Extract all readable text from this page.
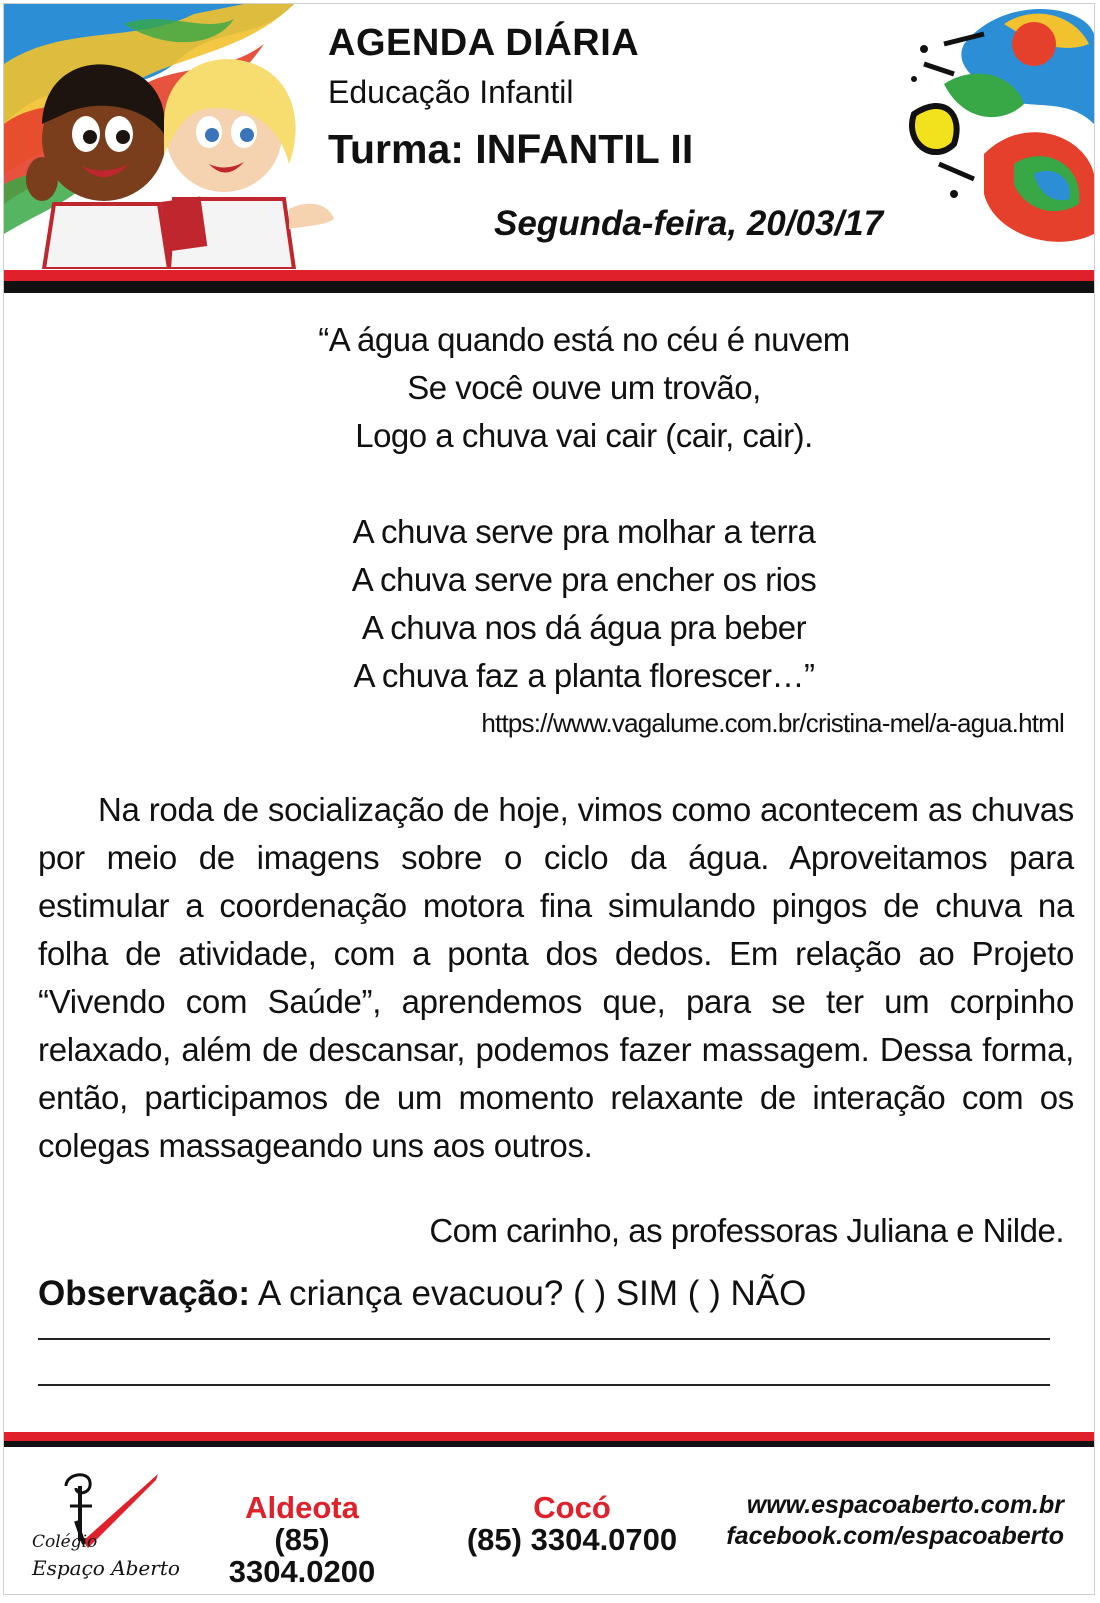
AGENDA DIÁRIA
Educação Infantil
Turma: INFANTIL II
Segunda-feira, 20/03/17

“A água quando está no céu é nuvem

Se você ouve um trovão,

Logo a chuva vai cair (cair, cair).

A chuva serve pra molhar a terra

A chuva serve pra encher os rios

A chuva nos dá água pra beber

A chuva faz a planta florescer…”

https://www.vagalume.com.br/cristina-mel/a-agua.html

Na roda de socialização de hoje, vimos como acontecem as chuvas por meio de imagens sobre o ciclo da água. Aproveitamos para estimular a coordenação motora fina simulando pingos de chuva na folha de atividade, com a ponta dos dedos. Em relação ao Projeto “Vivendo com Saúde”, aprendemos que, para se ter um corpinho relaxado, além de descansar, podemos fazer massagem. Dessa forma, então, participamos de um momento relaxante de interação com os colegas massageando uns aos outros.

Com carinho, as professoras Juliana e Nilde.
Observação: A criança evacuou? ( ) SIM ( ) NÃO
Colégio
Espaço Aberto
Aldeota
(85) 3304.0200
Cocó
(85) 3304.0700
www.espacoaberto.com.br
facebook.com/espacoaberto
